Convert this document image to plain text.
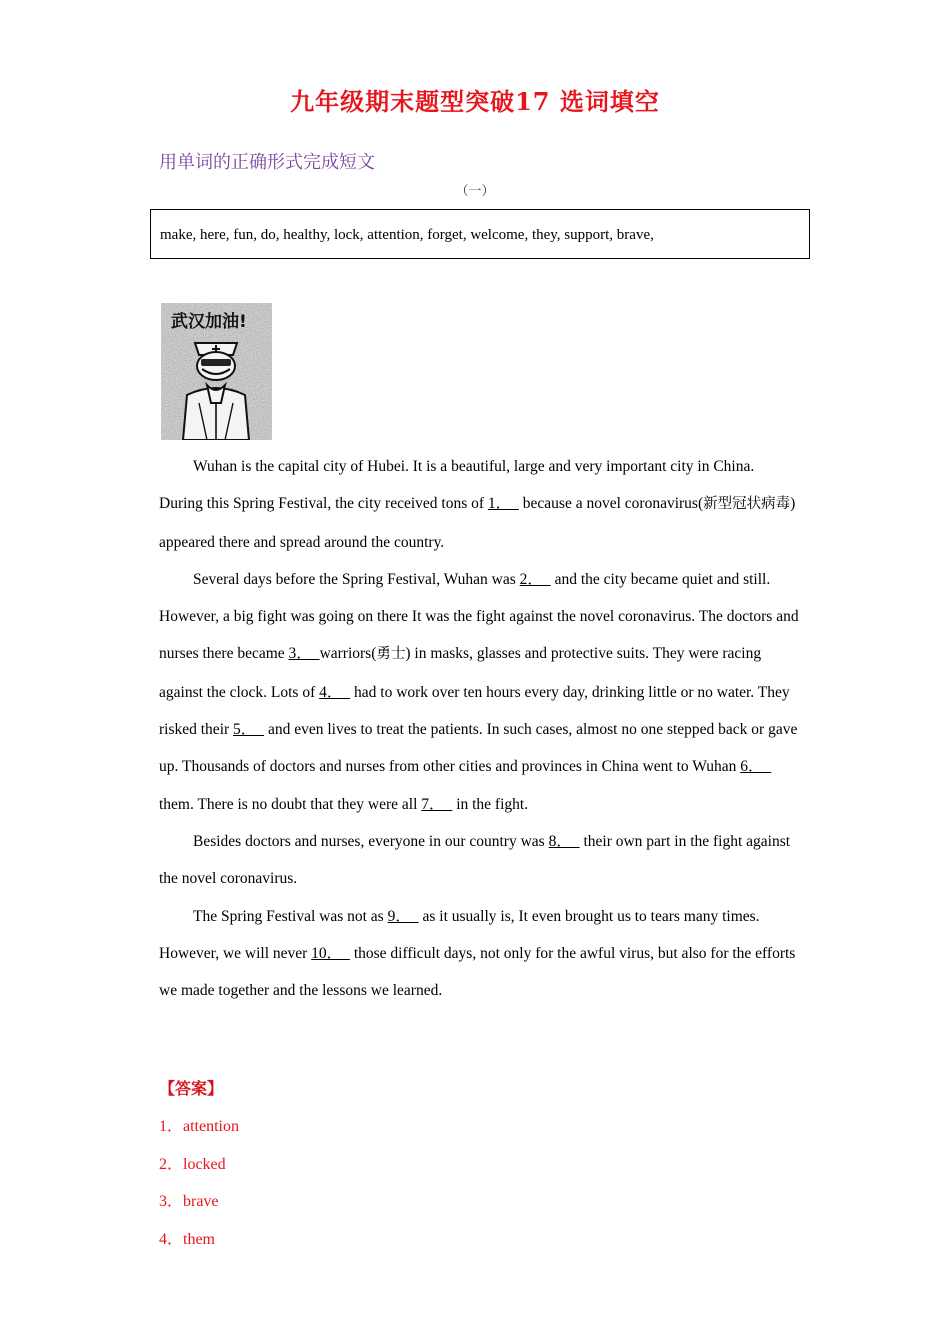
九年级期末题型突破17 选词填空
用单词的正确形式完成短文
（一）
make, here, fun, do, healthy, lock, attention, forget, welcome, they, support, brave,
武汉加油!

Wuhan is the capital city of Hubei. It is a beautiful, large and very important city in China. During this Spring Festival, the city received tons of 1．   because a novel coronavirus(新型冠状病毒) appeared there and spread around the country.

Several days before the Spring Festival, Wuhan was 2．   and the city became quiet and still. However, a big fight was going on there It was the fight against the novel coronavirus. The doctors and nurses there became 3．  warriors(勇士) in masks, glasses and protective suits. They were racing against the clock. Lots of 4．   had to work over ten hours every day, drinking little or no water. They risked their 5．   and even lives to treat the patients. In such cases, almost no one stepped back or gave up. Thousands of doctors and nurses from other cities and provinces in China went to Wuhan 6．   them. There is no doubt that they were all 7．   in the fight.

Besides doctors and nurses, everyone in our country was 8．   their own part in the fight against the novel coronavirus.

The Spring Festival was not as 9．   as it usually is, It even brought us to tears many times. However, we will never 10．   those difficult days, not only for the awful virus, but also for the efforts we made together and the lessons we learned.

【答案】
1．attention
2．locked
3．brave
4．them
